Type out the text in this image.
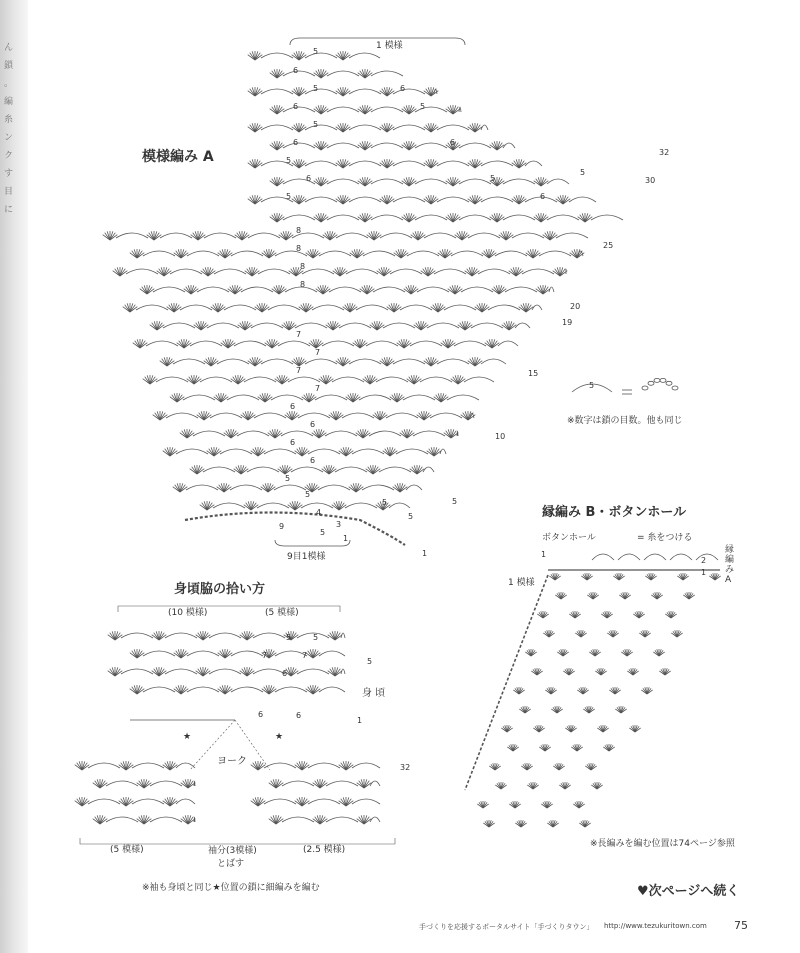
ん
鎖
。
編
糸
ン
ク
す
目
に
模様編み A
1 模様
9目1模様
9
5
1
32
30
25
20
19
15
10
5
1
5
6
5
6
5
6
5
6
5
6
5
6
5
6
5
8
8
8
8
7
7
7
7
6
6
6
6
5
5
5
5
4
3
5
※数字は鎖の目数。他も同じ
身頃脇の拾い方
(10 模様)	(5 模様)
身 頃
ヨーク
★	★
5
1
32
5	5
7	7
6
6	6
(5 模様)	袖分(3模様)
とばす
(2.5 模様)
※袖も身頃と同じ★位置の鎖に細編みを編む
縁編み B・ボタンホール
ボタンホール	= 糸をつける
縁編み A
1 模様
1
2
1
※長編みを編む位置は74ページ参照
♥次ページへ続く
手づくりを応援するポータルサイト「手づくりタウン」 http://www.tezukuritown.com 75
